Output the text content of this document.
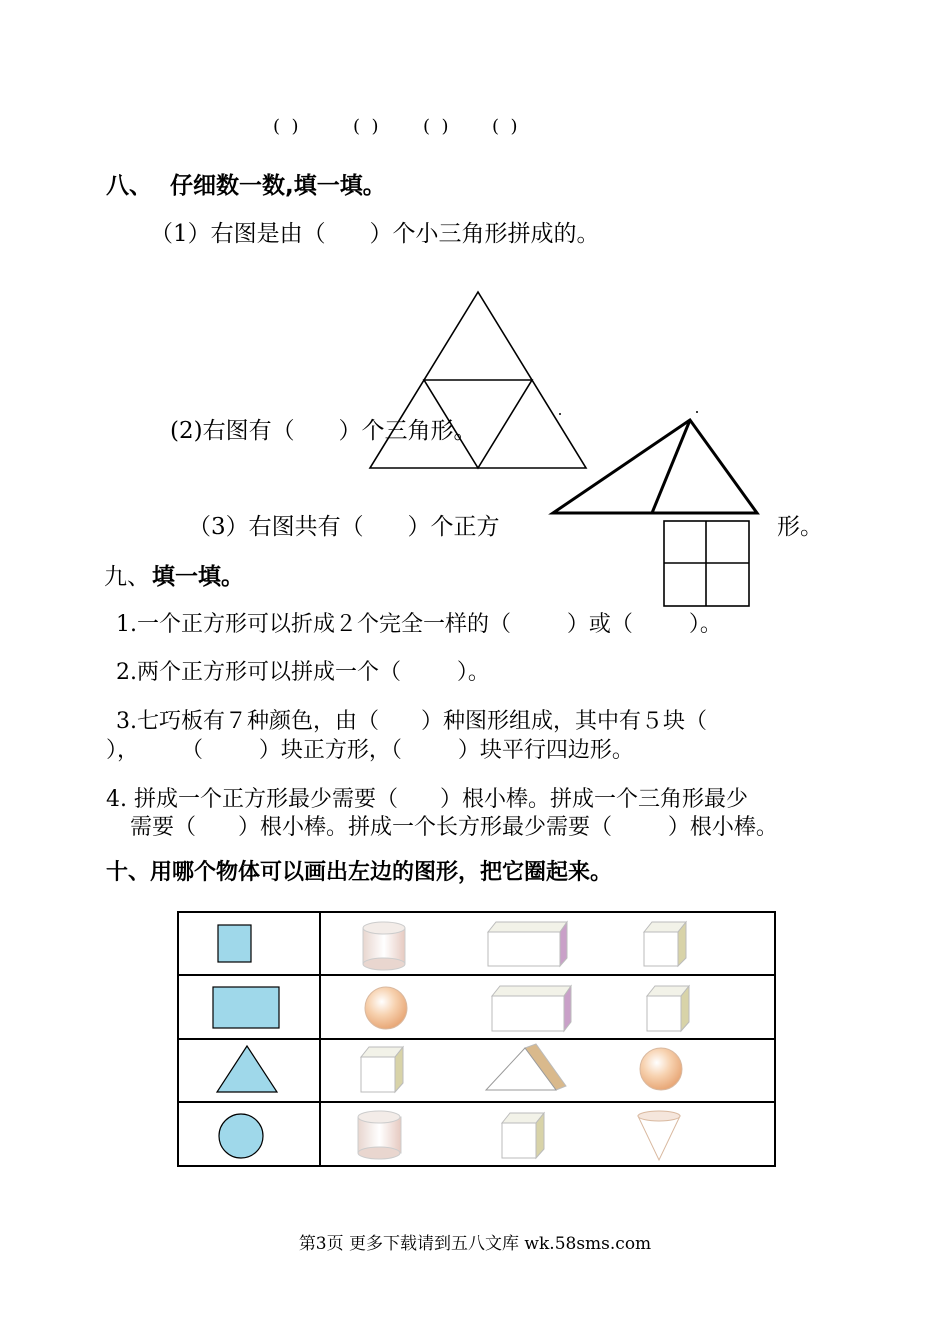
(  )	(  ) (  ) (  )
八、 仔细数一数,填一填。
（1）右图是由（      ）个小三角形拼成的。
(2)右图有（      ）个三角形。
（3）右图共有（      ）个正方	形。
九、 填一填。
1.一个正方形可以折成２个完全一样的（        ）或（        ）。
2.两个正方形可以拼成一个（        ）。
3.七巧板有７种颜色，由（      ）种图形组成，其中有５块（
），      （        ）块正方形，（        ）块平行四边形。
4. 拼成一个正方形最少需要（      ）根小棒。拼成一个三角形最少
需要（      ）根小棒。拼成一个长方形最少需要（        ）根小棒。
十、用哪个物体可以画出左边的图形，把它圈起来。
第3页 更多下载请到五八文库 wk.58sms.com
